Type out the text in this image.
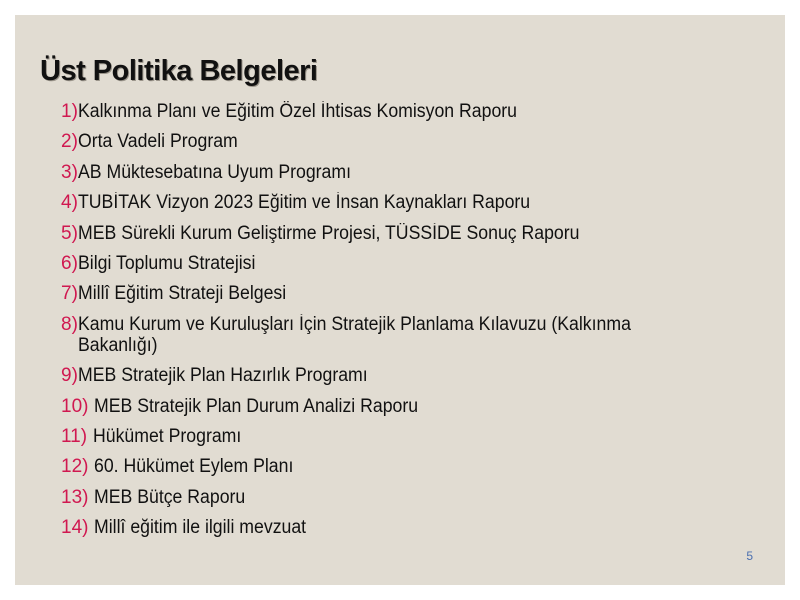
Üst Politika Belgeleri
1) Kalkınma Planı ve Eğitim Özel İhtisas Komisyon Raporu
2) Orta Vadeli Program
3) AB Müktesebatına Uyum Programı
4) TUBİTAK Vizyon 2023 Eğitim ve İnsan Kaynakları Raporu
5) MEB Sürekli Kurum Geliştirme Projesi, TÜSSİDE Sonuç Raporu
6) Bilgi Toplumu Stratejisi
7) Millî Eğitim Strateji Belgesi
8) Kamu Kurum ve Kuruluşları İçin Stratejik Planlama Kılavuzu (Kalkınma Bakanlığı)
9) MEB Stratejik Plan Hazırlık Programı
10) MEB Stratejik Plan Durum Analizi Raporu
11) Hükümet Programı
12) 60. Hükümet Eylem Planı
13) MEB Bütçe Raporu
14) Millî eğitim ile ilgili mevzuat
5
